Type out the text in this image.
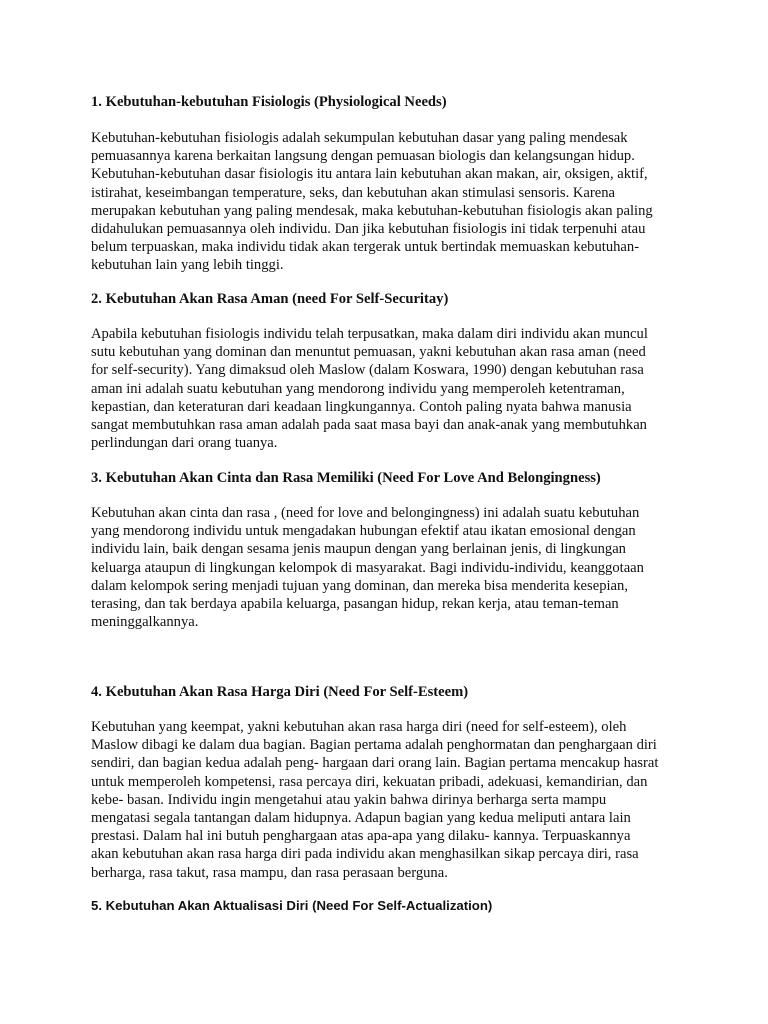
1. Kebutuhan-kebutuhan Fisiologis (Physiological Needs)

Kebutuhan-kebutuhan fisiologis adalah sekumpulan kebutuhan dasar yang paling mendesak
pemuasannya karena berkaitan langsung dengan pemuasan biologis dan kelangsungan hidup.
Kebutuhan-kebutuhan dasar fisiologis itu antara lain kebutuhan akan makan, air, oksigen, aktif,
istirahat, keseimbangan temperature, seks, dan kebutuhan akan stimulasi sensoris. Karena
merupakan kebutuhan yang paling mendesak, maka kebutuhan-kebutuhan fisiologis akan paling
didahulukan pemuasannya oleh individu. Dan jika kebutuhan fisiologis ini tidak terpenuhi atau
belum terpuaskan, maka individu tidak akan tergerak untuk bertindak memuaskan kebutuhan-
kebutuhan lain yang lebih tinggi.

2. Kebutuhan Akan Rasa Aman (need For Self-Securitay)

Apabila kebutuhan fisiologis individu telah terpusatkan, maka dalam diri individu akan muncul
sutu kebutuhan yang dominan dan menuntut pemuasan, yakni kebutuhan akan rasa aman (need
for self-security). Yang dimaksud oleh Maslow (dalam Koswara, 1990) dengan kebutuhan rasa
aman ini adalah suatu kebutuhan yang mendorong individu yang memperoleh ketentraman,
kepastian, dan keteraturan dari keadaan lingkungannya. Contoh paling nyata bahwa manusia
sangat membutuhkan rasa aman adalah pada saat masa bayi dan anak-anak yang membutuhkan
perlindungan dari orang tuanya.

3. Kebutuhan Akan Cinta dan Rasa Memiliki (Need For Love And Belongingness)

Kebutuhan akan cinta dan rasa , (need for love and belongingness) ini adalah suatu kebutuhan
yang mendorong individu untuk mengadakan hubungan efektif atau ikatan emosional dengan
individu lain, baik dengan sesama jenis maupun dengan yang berlainan jenis, di lingkungan
keluarga ataupun di lingkungan kelompok di masyarakat. Bagi individu-individu, keanggotaan
dalam kelompok sering menjadi tujuan yang dominan, dan mereka bisa menderita kesepian,
terasing, dan tak berdaya apabila keluarga, pasangan hidup, rekan kerja, atau teman-teman
meninggalkannya.

4. Kebutuhan Akan Rasa Harga Diri (Need For Self-Esteem)

Kebutuhan yang keempat, yakni kebutuhan akan rasa harga diri (need for self-esteem), oleh
Maslow dibagi ke dalam dua bagian. Bagian pertama adalah penghormatan dan penghargaan diri
sendiri, dan bagian kedua adalah peng- hargaan dari orang lain. Bagian pertama mencakup hasrat
untuk memperoleh kompetensi, rasa percaya diri, kekuatan pribadi, adekuasi, kemandirian, dan
kebe- basan. Individu ingin mengetahui atau yakin bahwa dirinya berharga serta mampu
mengatasi segala tantangan dalam hidupnya. Adapun bagian yang kedua meliputi antara lain
prestasi. Dalam hal ini butuh penghargaan atas apa-apa yang dilaku- kannya. Terpuaskannya
akan kebutuhan akan rasa harga diri pada individu akan menghasilkan sikap percaya diri, rasa
berharga, rasa takut, rasa mampu, dan rasa perasaan berguna.

5. Kebutuhan Akan Aktualisasi Diri (Need For Self-Actualization)
